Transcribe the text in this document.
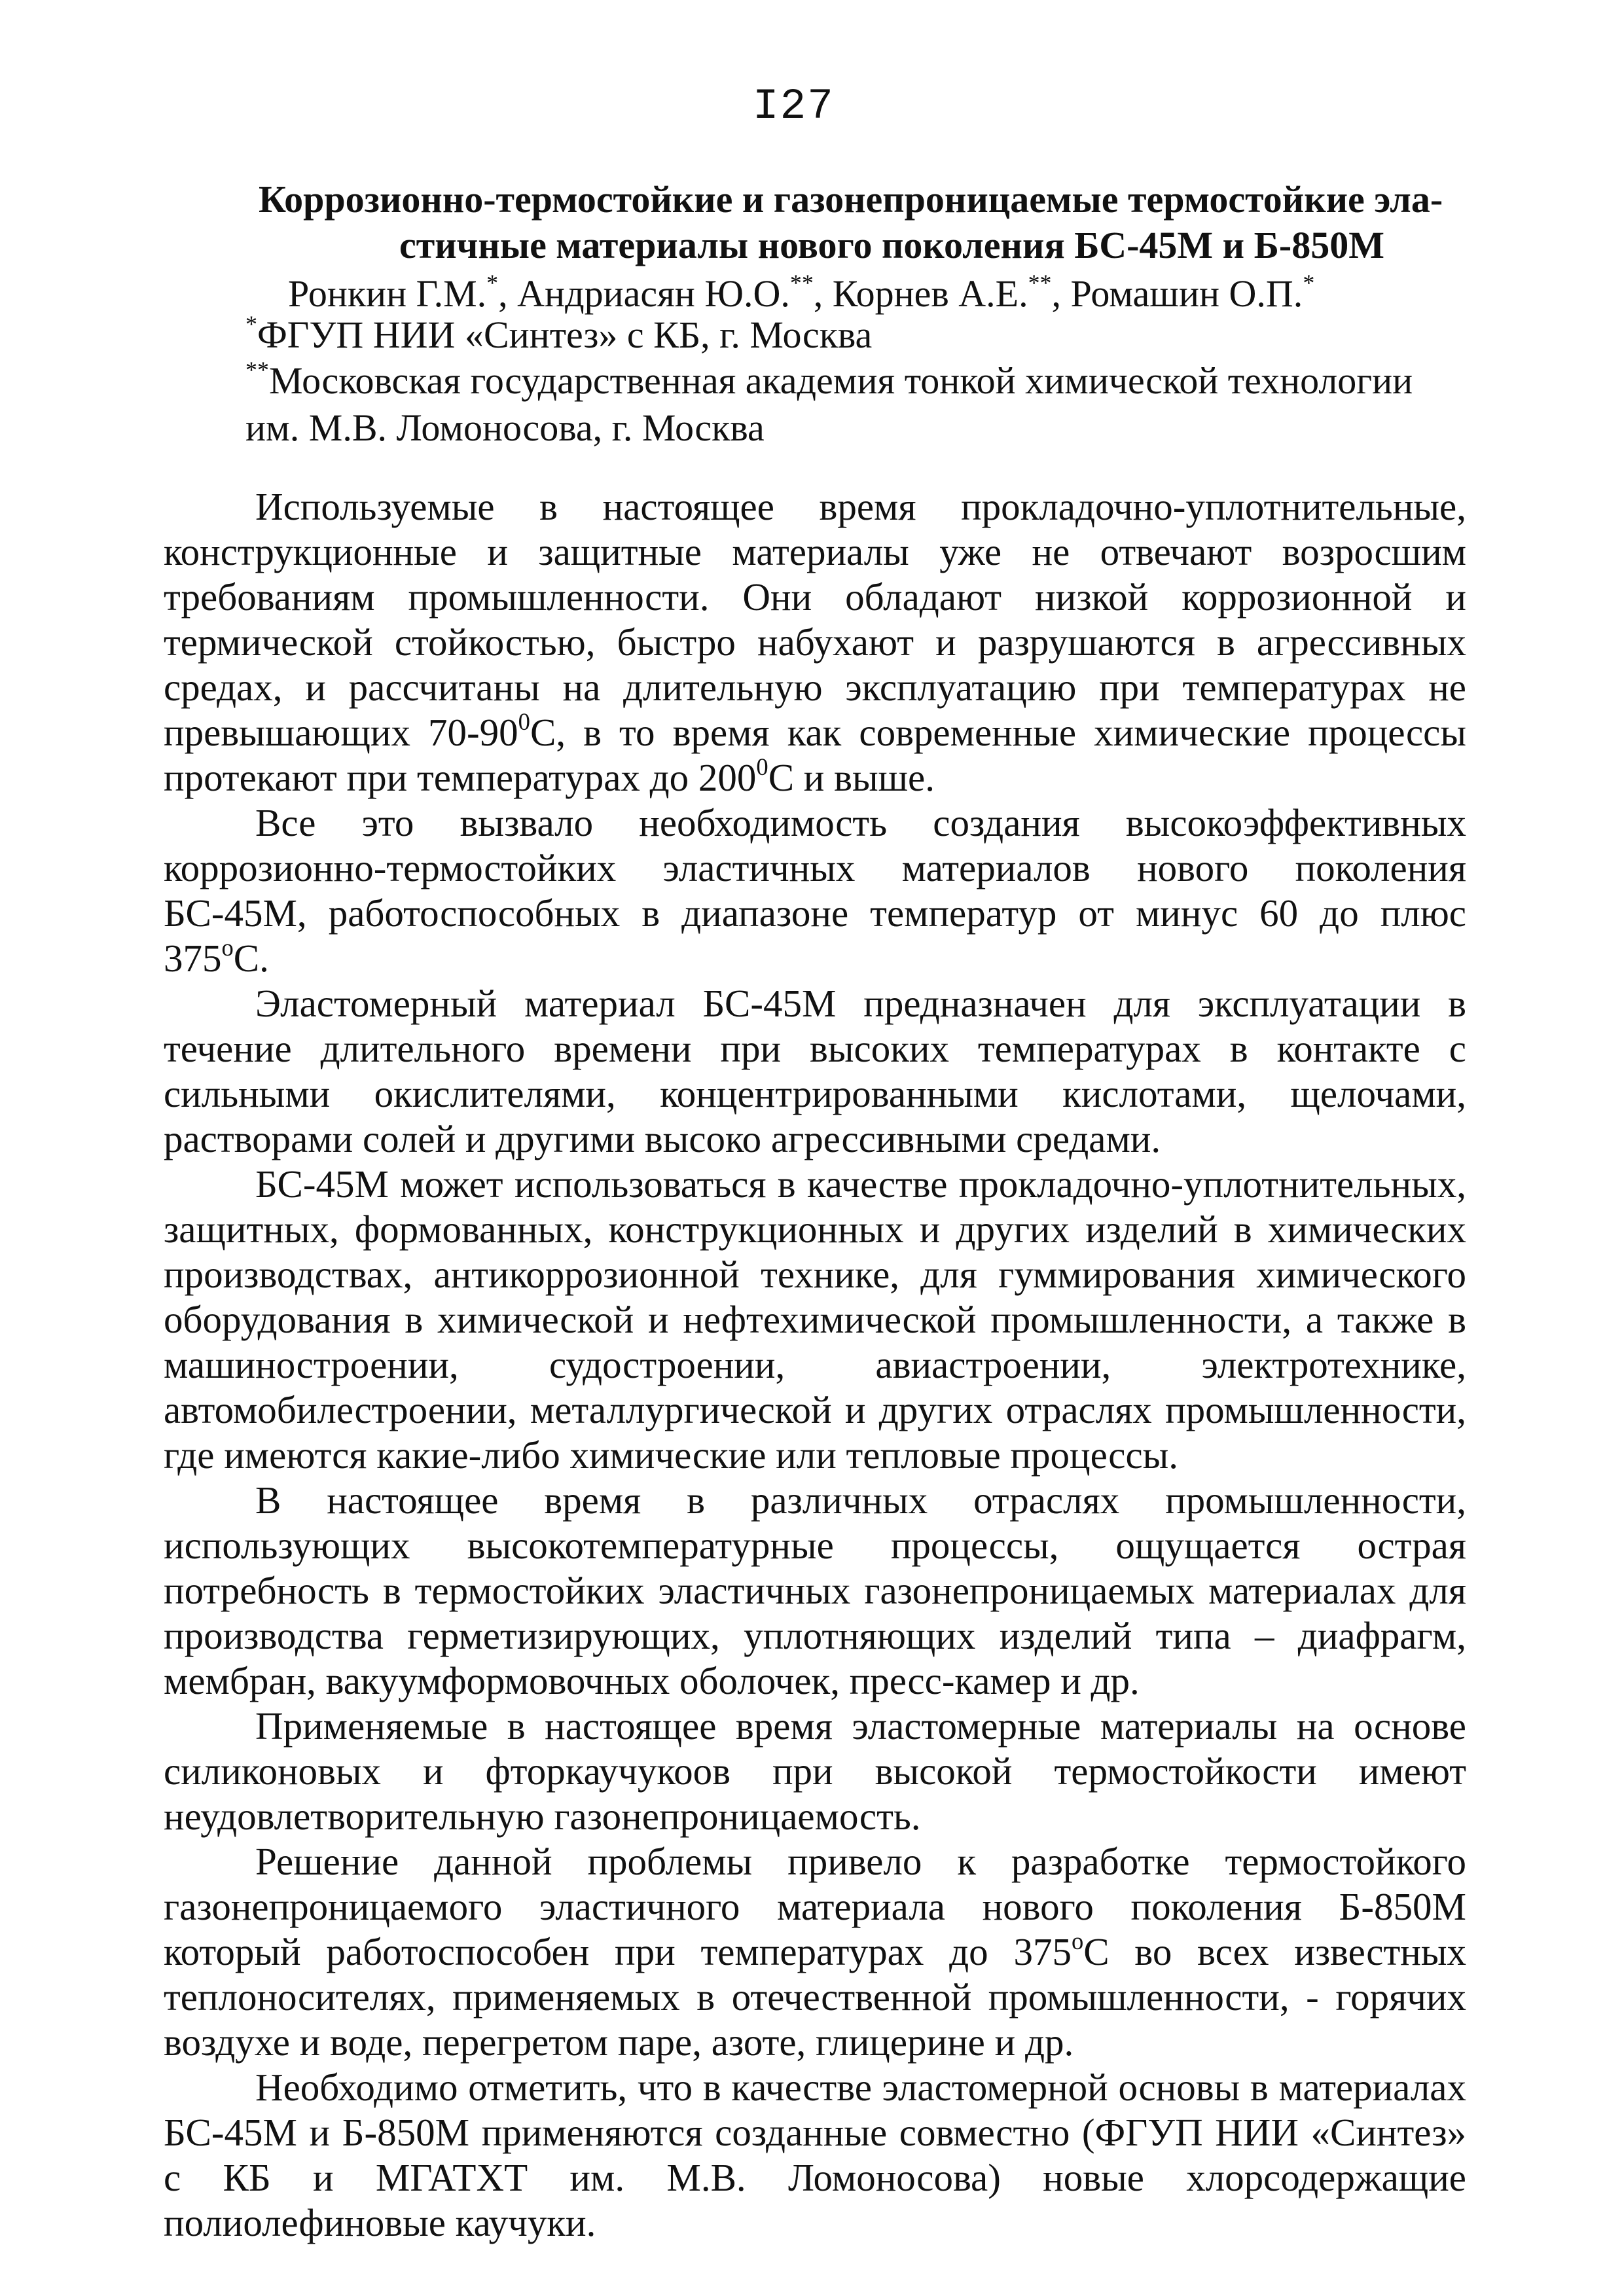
I27
Коррозионно-термостойкие и газонепроницаемые термостойкие эла-
стичные материалы нового поколения БС-45М и Б-850М
Ронкин Г.М.*, Андриасян Ю.О.**, Корнев А.Е.**, Ромашин О.П.*
*ФГУП НИИ «Синтез» с КБ, г. Москва
**Московская государственная академия тонкой химической технологии им. М.В. Ломоносова, г. Москва

Используемые в настоящее время прокладочно-уплотнительные, конструкционные и защитные материалы уже не отвечают возросшим требованиям промышленности. Они обладают низкой коррозионной и термической стойкостью, быстро набухают и разрушаются в агрессивных средах, и рассчитаны на длительную эксплуатацию при температурах не превышающих $70-90^0С$, в то время как современные химические процессы протекают при температурах до $200^0С$ и выше.

Все это вызвало необходимость создания высокоэффективных коррозионно-термостойких эластичных материалов нового поколения БС-45М, работоспособных в диапазоне температур от минус 60 до плюс $375^оС$.

Эластомерный материал БС-45М предназначен для эксплуатации в течение длительного времени при высоких температурах в контакте с сильными окислителями, концентрированными кислотами, щелочами, растворами солей и другими высоко агрессивными средами.

БС-45М может использоваться в качестве прокладочно-уплотнительных, защитных, формованных, конструкционных и других изделий в химических производствах, антикоррозионной технике, для гуммирования химического оборудования в химической и нефтехимической промышленности, а также в машиностроении, судостроении, авиастроении, электротехнике, автомобилестроении, металлургической и других отраслях промышленности, где имеются какие-либо химические или тепловые процессы.

В настоящее время в различных отраслях промышленности, использующих высокотемпературные процессы, ощущается острая потребность в термостойких эластичных газонепроницаемых материалах для производства герметизирующих, уплотняющих изделий типа – диафрагм, мембран, вакуумформовочных оболочек, пресс-камер и др.

Применяемые в настоящее время эластомерные материалы на основе силиконовых и фторкаучукоов при высокой термостойкости имеют неудовлетворительную газонепроницаемость.

Решение данной проблемы привело к разработке термостойкого газонепроницаемого эластичного материала нового поколения Б-850М который работоспособен при температурах до $375^оС$ во всех известных теплоносителях, применяемых в отечественной промышленности, - горячих воздухе и воде, перегретом паре, азоте, глицерине и др.

Необходимо отметить, что в качестве эластомерной основы в материалах БС-45М и Б-850М применяются созданные совместно (ФГУП НИИ «Синтез» с КБ и МГАТХТ им. М.В. Ломоносова) новые хлорсодержащие полиолефиновые каучуки.
